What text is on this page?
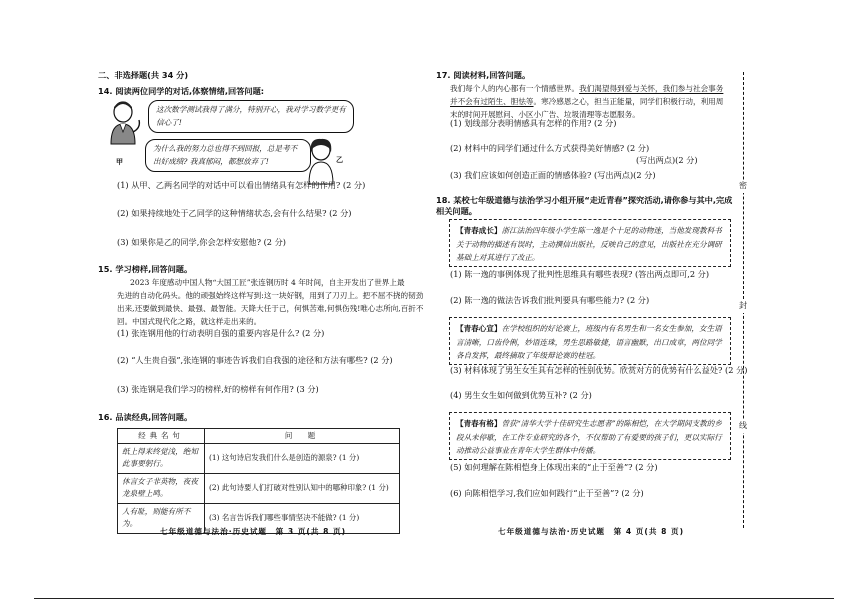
二、非选择题(共 34 分)
14. 阅读两位同学的对话,体察情绪,回答问题:
甲
这次数学测试我得了满分，特别开心，我对学习数学更有信心了!
为什么我的努力总也得不到回报，总是考不出好成绩? 我真郁闷，都想放弃了!	乙
(1) 从甲、乙两名同学的对话中可以看出情绪具有怎样的作用? (2 分)
(2) 如果持续地处于乙同学的这种情绪状态,会有什么结果? (2 分)
(3) 如果你是乙的同学,你会怎样安慰他? (2 分)
15. 学习榜样,回答问题。
2023 年度感动中国人物“大国工匠”张连钢历时 4 年时间，自主开发出了世界上最
先进的自动化码头。他的顽强始终这样写到:这一块好钢，用到了刀刃上。把不屈不挠的韧劲
出来,还要做到最快、最强、最智能。天降大任于己，何惧苦难,何惧伤残!唯心志所向,百折不
回。中国式现代化之路，就这样走出来的。
(1) 张连钢用他的行动表明自强的重要内容是什么? (2 分)
(2) “人生贵自强”,张连钢的事迹告诉我们自我强的途径和方法有哪些? (2 分)
(3) 张连钢是我们学习的榜样,好的榜样有何作用? (3 分)
16. 品读经典,回答问题。
经典名句	问　题
纸上得来终觉浅，绝知此事要躬行。	(1) 这句诗启发我们什么是创造的源泉? (1 分)
休言女子非英物，夜夜龙泉壁上鸣。	(2) 此句诗要人们打破对性别认知中的哪种印象? (1 分)
人有耻，则能有所不为。	(3) 名言告诉我们哪些事情坚决不能做? (1 分)
七年级道德与法治·历史试题　第 3 页(共 8 页)
17. 阅读材料,回答问题。
我们每个人的内心都有一个情感世界。我们渴望得到爱与关怀，我们参与社会事务并不会有过陌生、胆怯等。寒冷感恩之心，担当正能量，同学们积极行动，利用周末的时间开展慰问、小区小广告、垃圾清理等志愿服务。
(1) 划线部分表明情感具有怎样的作用? (2 分)
(2) 材料中的同学们通过什么方式获得美好情感? (2 分)
(写出两点)(2 分)
(3) 我们应该如何创造正面的情感体验? (写出两点)(2 分)
18. 某校七年级道德与法治学习小组开展“走近青春”探究活动,请你参与其中,完成相关问题。
【青春成长】浙江法治四年级小学生陈一逸是个十足的动物迷，当他发现教科书关于动物的描述有误时，主动撰信出版社，反映自己的意见，出版社在充分调研基础上对其进行了改正。
(1) 陈一逸的事例体现了批判性思维具有哪些表现? (答出两点即可,2 分)
(2) 陈一逸的做法告诉我们批判要具有哪些能力? (2 分)
【青春心宣】在学校组织的好论赛上，班级内有名男生和一名女生参加，女生语言清晰，口齿伶俐，妙语连珠，男生思路敏捷，语言幽默，出口成章，两位同学各自发挥，最终摘取了年级辩论赛的桂冠。
(3) 材料体现了男生女生具有怎样的性别优势。欣赏对方的优势有什么益处? (2 分)
(4) 男生女生如何做到优势互补? (2 分)
【青春有格】曾获“清华大学十佳研究生志愿者”的陈相恺，在大学期间支教的乡段从未停歇，在工作专业研究的各个，不仅帮助了有爱要的孩子们，更以实际行动推动公益事业在青年大学生群体中传播。
(5) 如何理解在陈相恺身上体现出来的“止于至善”? (2 分)
(6) 向陈相恺学习,我们应如何践行“止于至善”? (2 分)
七年级道德与法治·历史试题　第 4 页(共 8 页)
密
封
线
